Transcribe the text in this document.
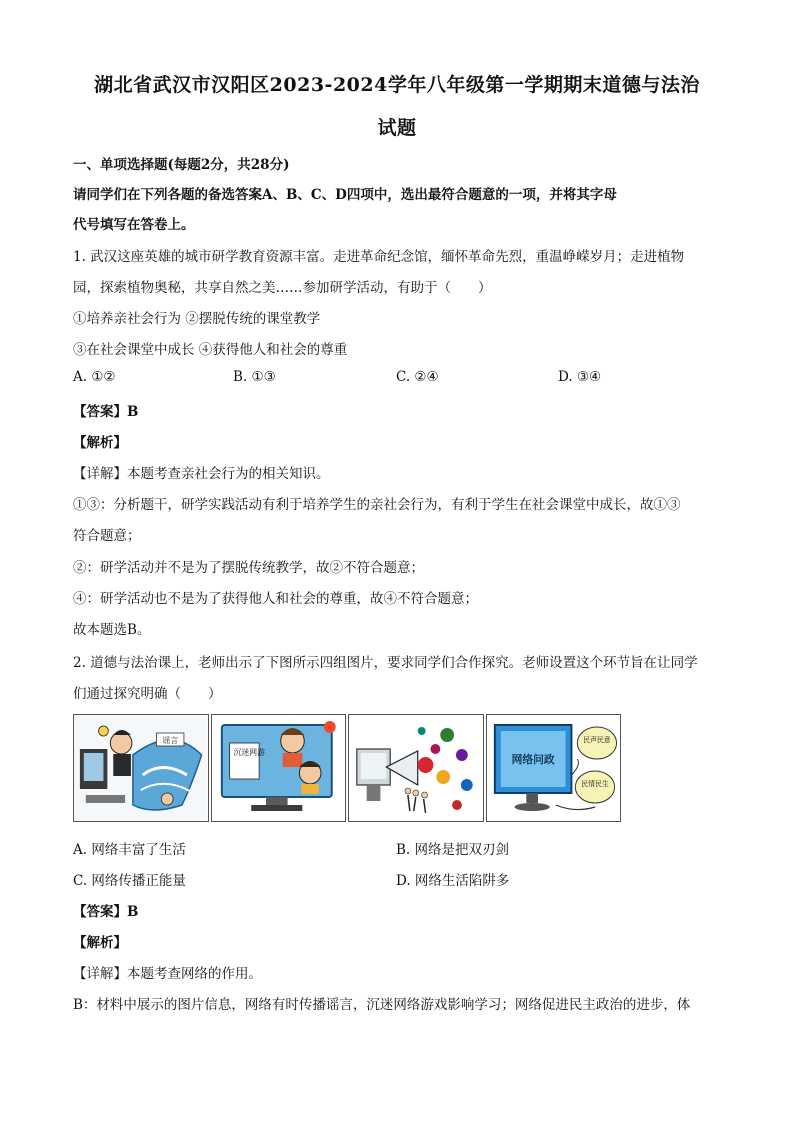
湖北省武汉市汉阳区2023-2024学年八年级第一学期期末道德与法治
试题
一、单项选择题(每题2分，共28分)
请同学们在下列各题的备选答案A、B、C、D四项中，选出最符合题意的一项，并将其字母
代号填写在答卷上。
1. 武汉这座英雄的城市研学教育资源丰富。走进革命纪念馆，缅怀革命先烈，重温峥嵘岁月；走进植物
园，探索植物奥秘，共享自然之美……参加研学活动，有助于（　　）
①培养亲社会行为 ②摆脱传统的课堂教学
③在社会课堂中成长 ④获得他人和社会的尊重
A. ①②	B. ①③	C. ②④	D. ③④
【答案】B
【解析】
【详解】本题考查亲社会行为的相关知识。
①③：分析题干，研学实践活动有利于培养学生的亲社会行为，有利于学生在社会课堂中成长，故①③
符合题意；
②：研学活动并不是为了摆脱传统教学，故②不符合题意；
④：研学活动也不是为了获得他人和社会的尊重，故④不符合题意；
故本题选B。
2. 道德与法治课上，老师出示了下图所示四组图片，要求同学们合作探究。老师设置这个环节旨在让同学
们通过探究明确（　　）
谣言
沉迷网游
网络问政
民声民意
民情民生
A. 网络丰富了生活	B. 网络是把双刃剑
C. 网络传播正能量	D. 网络生活陷阱多
【答案】B
【解析】
【详解】本题考查网络的作用。
B：材料中展示的图片信息，网络有时传播谣言，沉迷网络游戏影响学习；网络促进民主政治的进步，体
